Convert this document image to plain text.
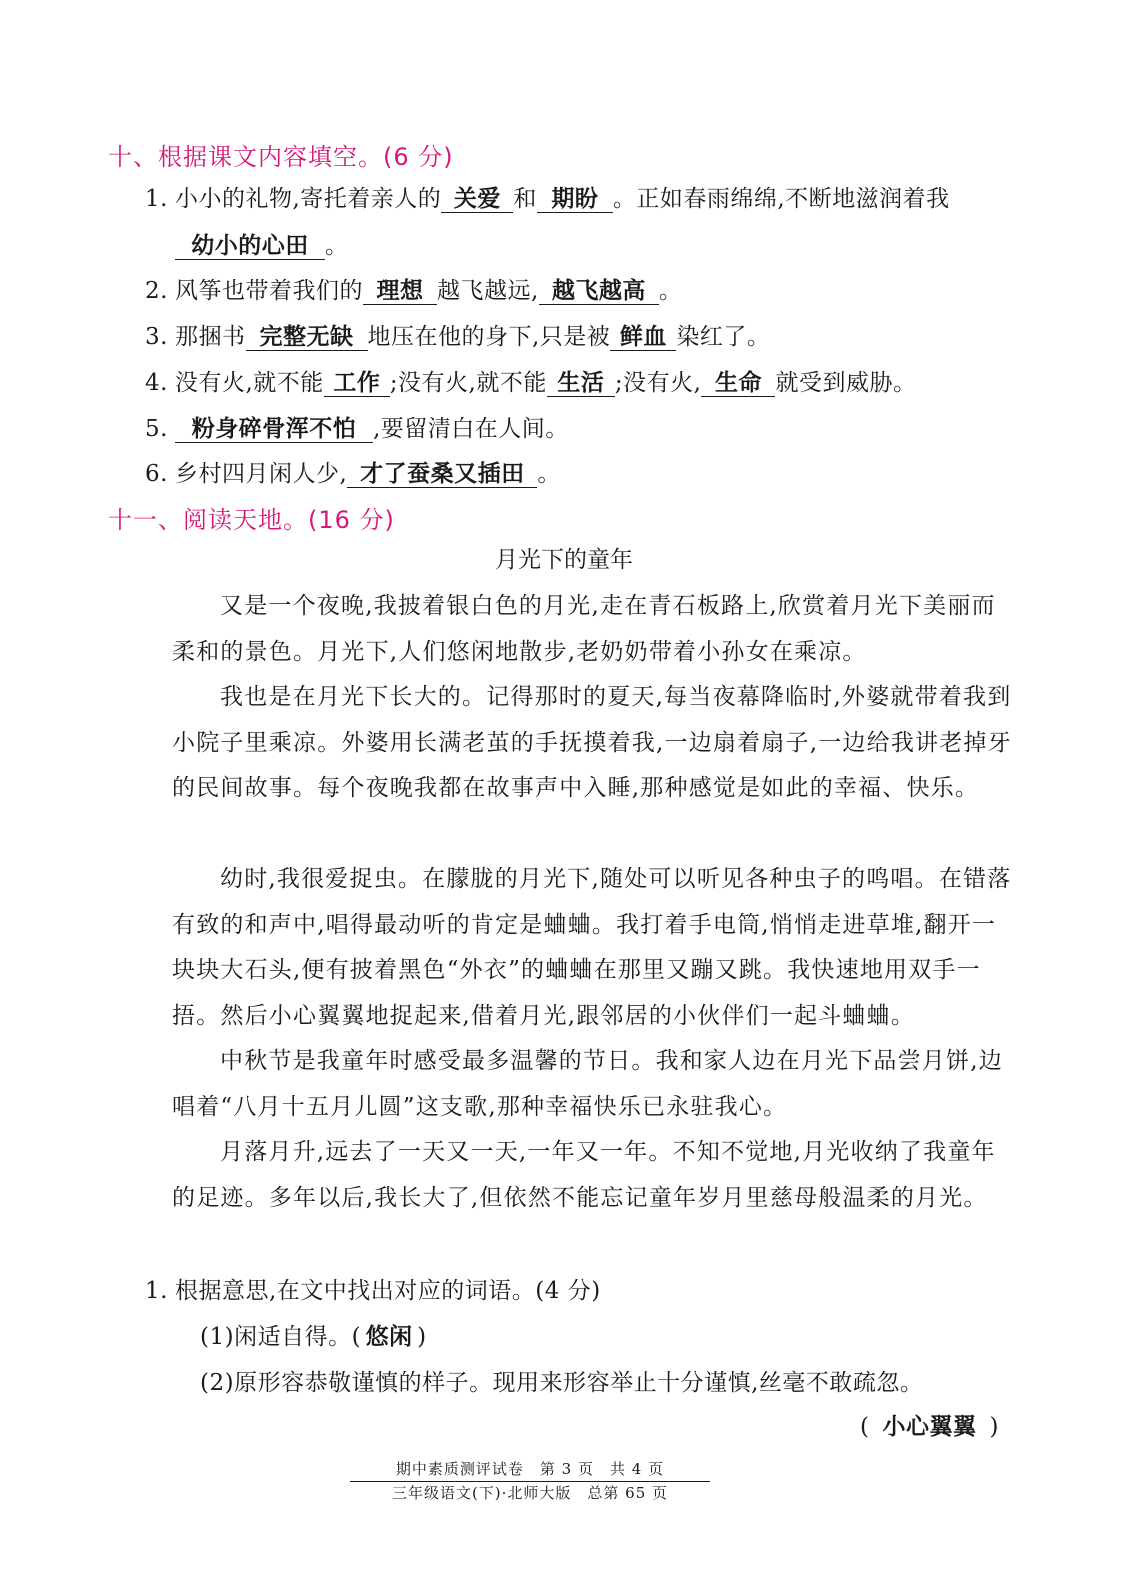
十、根据课文内容填空。(6 分)
1. 小小的礼物,寄托着亲人的 关爱 和 期盼 。正如春雨绵绵,不断地滋润着我
幼小的心田 。
2. 风筝也带着我们的 理想 越飞越远, 越飞越高 。
3. 那捆书 完整无缺 地压在他的身下,只是被 鲜血 染红了。
4. 没有火,就不能 工作 ;没有火,就不能 生活 ;没有火, 生命 就受到威胁。
5. 粉身碎骨浑不怕 ,要留清白在人间。
6. 乡村四月闲人少, 才了蚕桑又插田 。
十一、阅读天地。(16 分)
月光下的童年

又是一个夜晚,我披着银白色的月光,走在青石板路上,欣赏着月光下美丽而柔和的景色。月光下,人们悠闲地散步,老奶奶带着小孙女在乘凉。

我也是在月光下长大的。记得那时的夏天,每当夜幕降临时,外婆就带着我到小院子里乘凉。外婆用长满老茧的手抚摸着我,一边扇着扇子,一边给我讲老掉牙的民间故事。每个夜晚我都在故事声中入睡,那种感觉是如此的幸福、快乐。

幼时,我很爱捉虫。在朦胧的月光下,随处可以听见各种虫子的鸣唱。在错落有致的和声中,唱得最动听的肯定是蛐蛐。我打着手电筒,悄悄走进草堆,翻开一块块大石头,便有披着黑色“外衣”的蛐蛐在那里又蹦又跳。我快速地用双手一捂。然后小心翼翼地捉起来,借着月光,跟邻居的小伙伴们一起斗蛐蛐。

中秋节是我童年时感受最多温馨的节日。我和家人边在月光下品尝月饼,边唱着“八月十五月儿圆”这支歌,那种幸福快乐已永驻我心。

月落月升,远去了一天又一天,一年又一年。不知不觉地,月光收纳了我童年的足迹。多年以后,我长大了,但依然不能忘记童年岁月里慈母般温柔的月光。

1. 根据意思,在文中找出对应的词语。(4 分)
(1)闲适自得。( 悠闲 )
(2)原形容恭敬谨慎的样子。现用来形容举止十分谨慎,丝毫不敢疏忽。
( 小心翼翼 )
期中素质测评试卷　第 3 页　共 4 页
三年级语文(下)·北师大版　总第 65 页
